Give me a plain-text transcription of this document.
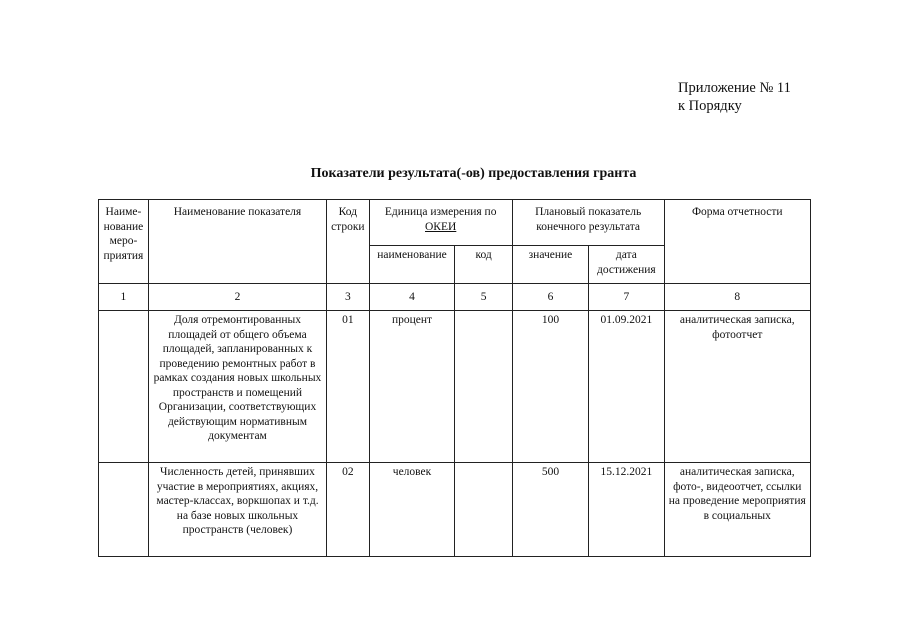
Приложение № 11
к Порядку
Показатели результата(-ов) предоставления гранта
Наиме-нование меро-приятия	Наименование показателя	Код строки	Единица измерения по
ОКЕИ		Плановый показатель конечного результата		Форма отчетности
			наименование	код	значение	дата достижения	
1	2	3	4	5	6	7	8
	Доля отремонтированных площадей от общего объема площадей, запланированных к проведению ремонтных работ в рамках создания новых школьных пространств и помещений Организации, соответствующих действующим нормативным документам	01	процент		100	01.09.2021	аналитическая записка, фотоотчет
	Численность детей, принявших участие в мероприятиях, акциях, мастер-классах, воркшопах и т.д. на базе новых школьных пространств (человек)	02	человек		500	15.12.2021	аналитическая записка, фото-, видеоотчет, ссылки на проведение мероприятия в социальных
